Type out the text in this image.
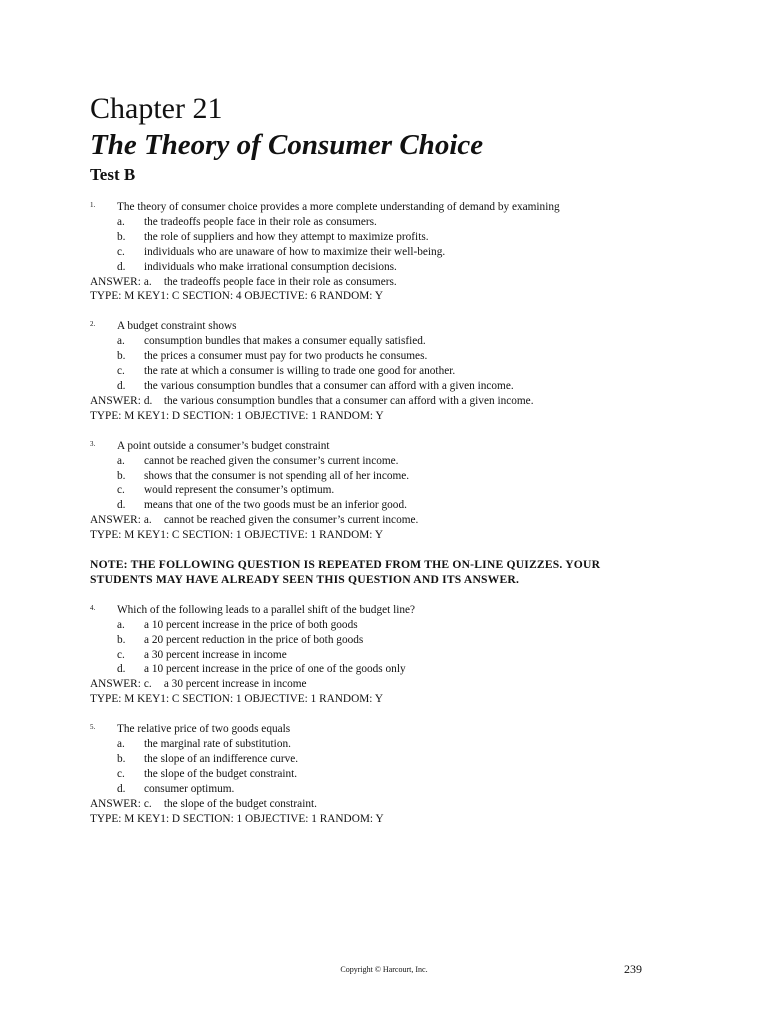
Chapter 21
The Theory of Consumer Choice
Test B
1.	The theory of consumer choice provides a more complete understanding of demand by examining
a.	the tradeoffs people face in their role as consumers.
b.	the role of suppliers and how they attempt to maximize profits.
c.	individuals who are unaware of how to maximize their well-being.
d.	individuals who make irrational consumption decisions.
ANSWER: a. the tradeoffs people face in their role as consumers.
TYPE: M KEY1: C SECTION: 4 OBJECTIVE: 6 RANDOM: Y
2.	A budget constraint shows
a.	consumption bundles that makes a consumer equally satisfied.
b.	the prices a consumer must pay for two products he consumes.
c.	the rate at which a consumer is willing to trade one good for another.
d.	the various consumption bundles that a consumer can afford with a given income.
ANSWER: d. the various consumption bundles that a consumer can afford with a given income.
TYPE: M KEY1: D SECTION: 1 OBJECTIVE: 1 RANDOM: Y
3.	A point outside a consumer’s budget constraint
a.	cannot be reached given the consumer’s current income.
b.	shows that the consumer is not spending all of her income.
c.	would represent the consumer’s optimum.
d.	means that one of the two goods must be an inferior good.
ANSWER: a. cannot be reached given the consumer’s current income.
TYPE: M KEY1: C SECTION: 1 OBJECTIVE: 1 RANDOM: Y
NOTE: THE FOLLOWING QUESTION IS REPEATED FROM THE ON-LINE QUIZZES. YOUR STUDENTS MAY HAVE ALREADY SEEN THIS QUESTION AND ITS ANSWER.
4.	Which of the following leads to a parallel shift of the budget line?
a.	a 10 percent increase in the price of both goods
b.	a 20 percent reduction in the price of both goods
c.	a 30 percent increase in income
d.	a 10 percent increase in the price of one of the goods only
ANSWER: c. a 30 percent increase in income
TYPE: M KEY1: C SECTION: 1 OBJECTIVE: 1 RANDOM: Y
5.	The relative price of two goods equals
a.	the marginal rate of substitution.
b.	the slope of an indifference curve.
c.	the slope of the budget constraint.
d.	consumer optimum.
ANSWER: c. the slope of the budget constraint.
TYPE: M KEY1: D SECTION: 1 OBJECTIVE: 1 RANDOM: Y
Copyright © Harcourt, Inc.	239
